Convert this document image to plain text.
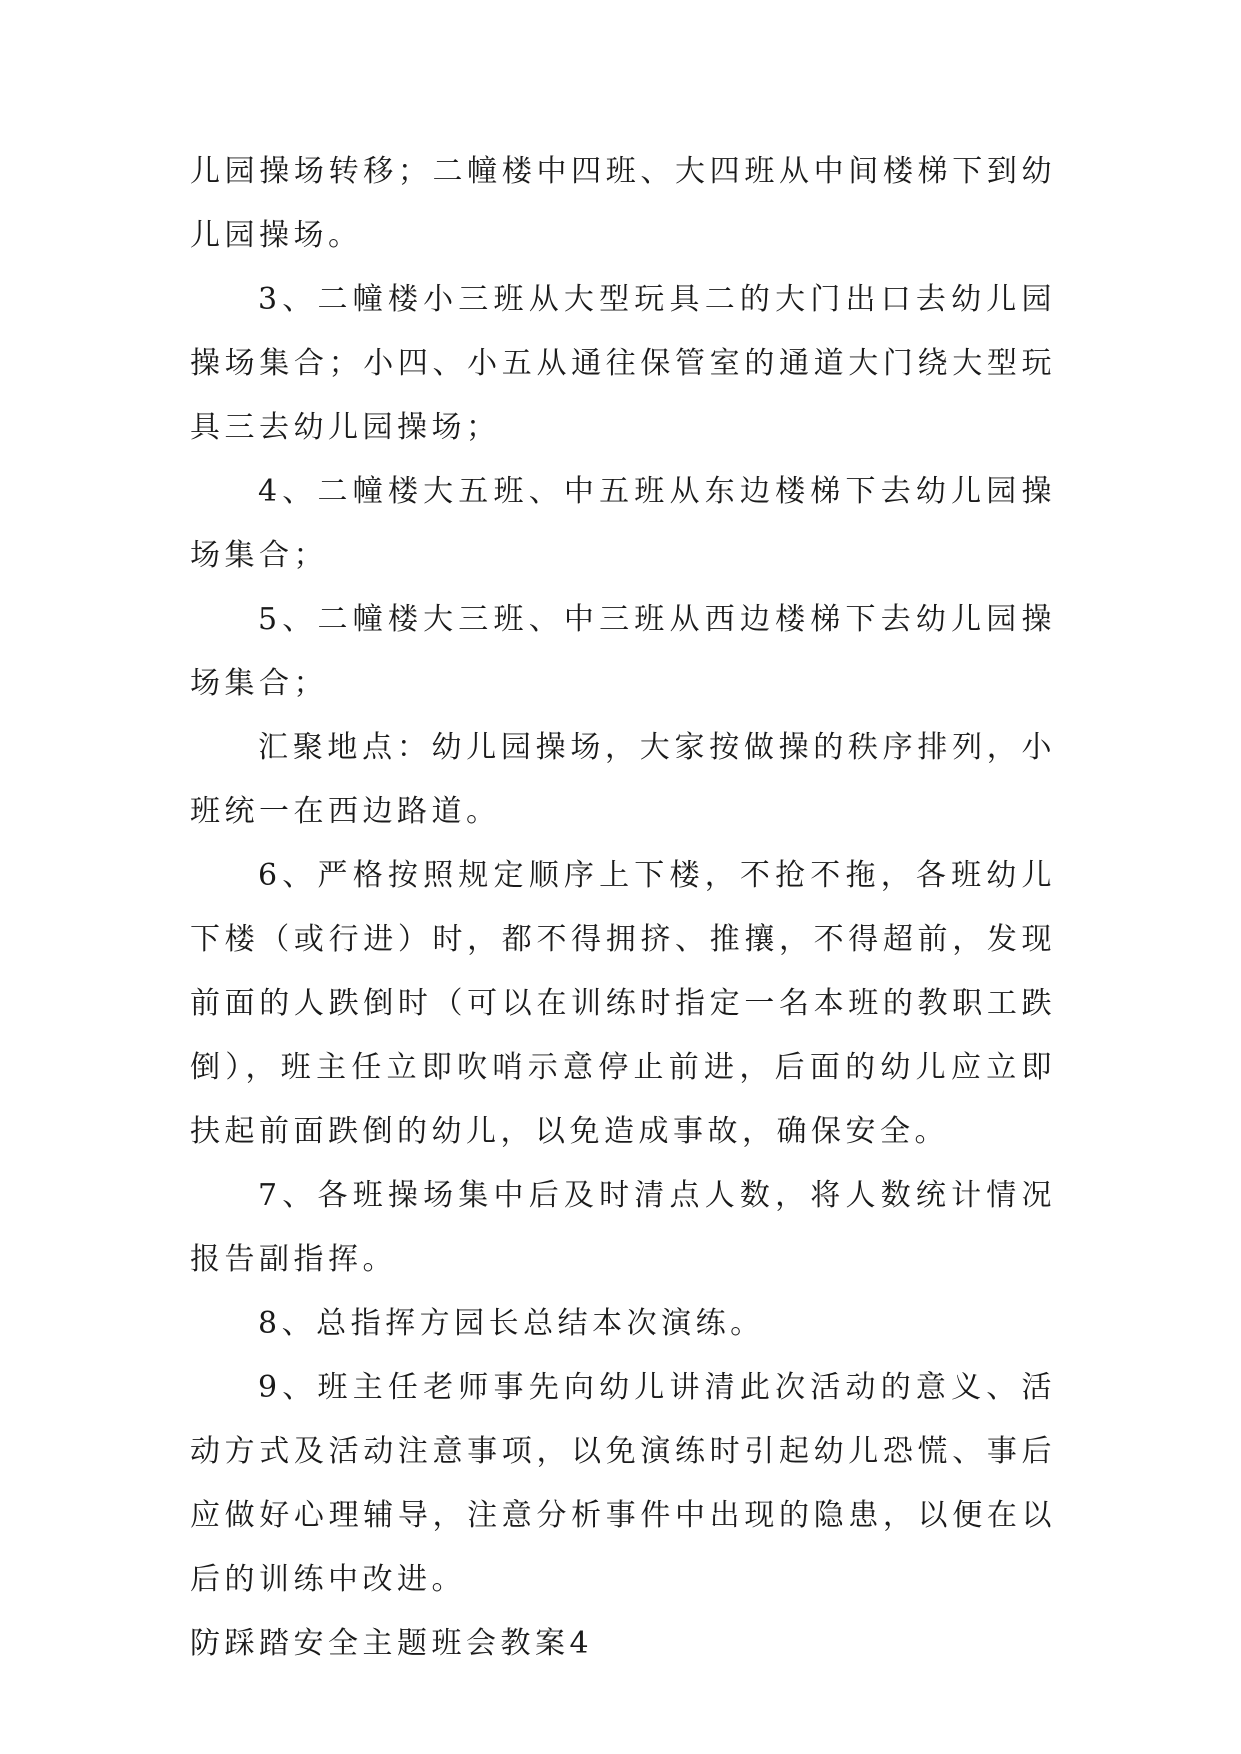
儿园操场转移；二幢楼中四班、大四班从中间楼梯下到幼儿园操场。

3、二幢楼小三班从大型玩具二的大门出口去幼儿园操场集合；小四、小五从通往保管室的通道大门绕大型玩具三去幼儿园操场；

4、二幢楼大五班、中五班从东边楼梯下去幼儿园操场集合；

5、二幢楼大三班、中三班从西边楼梯下去幼儿园操场集合；

汇聚地点：幼儿园操场，大家按做操的秩序排列，小班统一在西边路道。

6、严格按照规定顺序上下楼，不抢不拖，各班幼儿下楼（或行进）时，都不得拥挤、推攘，不得超前，发现前面的人跌倒时（可以在训练时指定一名本班的教职工跌倒），班主任立即吹哨示意停止前进，后面的幼儿应立即扶起前面跌倒的幼儿，以免造成事故，确保安全。

7、各班操场集中后及时清点人数，将人数统计情况报告副指挥。

8、总指挥方园长总结本次演练。

9、班主任老师事先向幼儿讲清此次活动的意义、活动方式及活动注意事项，以免演练时引起幼儿恐慌、事后应做好心理辅导，注意分析事件中出现的隐患，以便在以后的训练中改进。

防踩踏安全主题班会教案4
